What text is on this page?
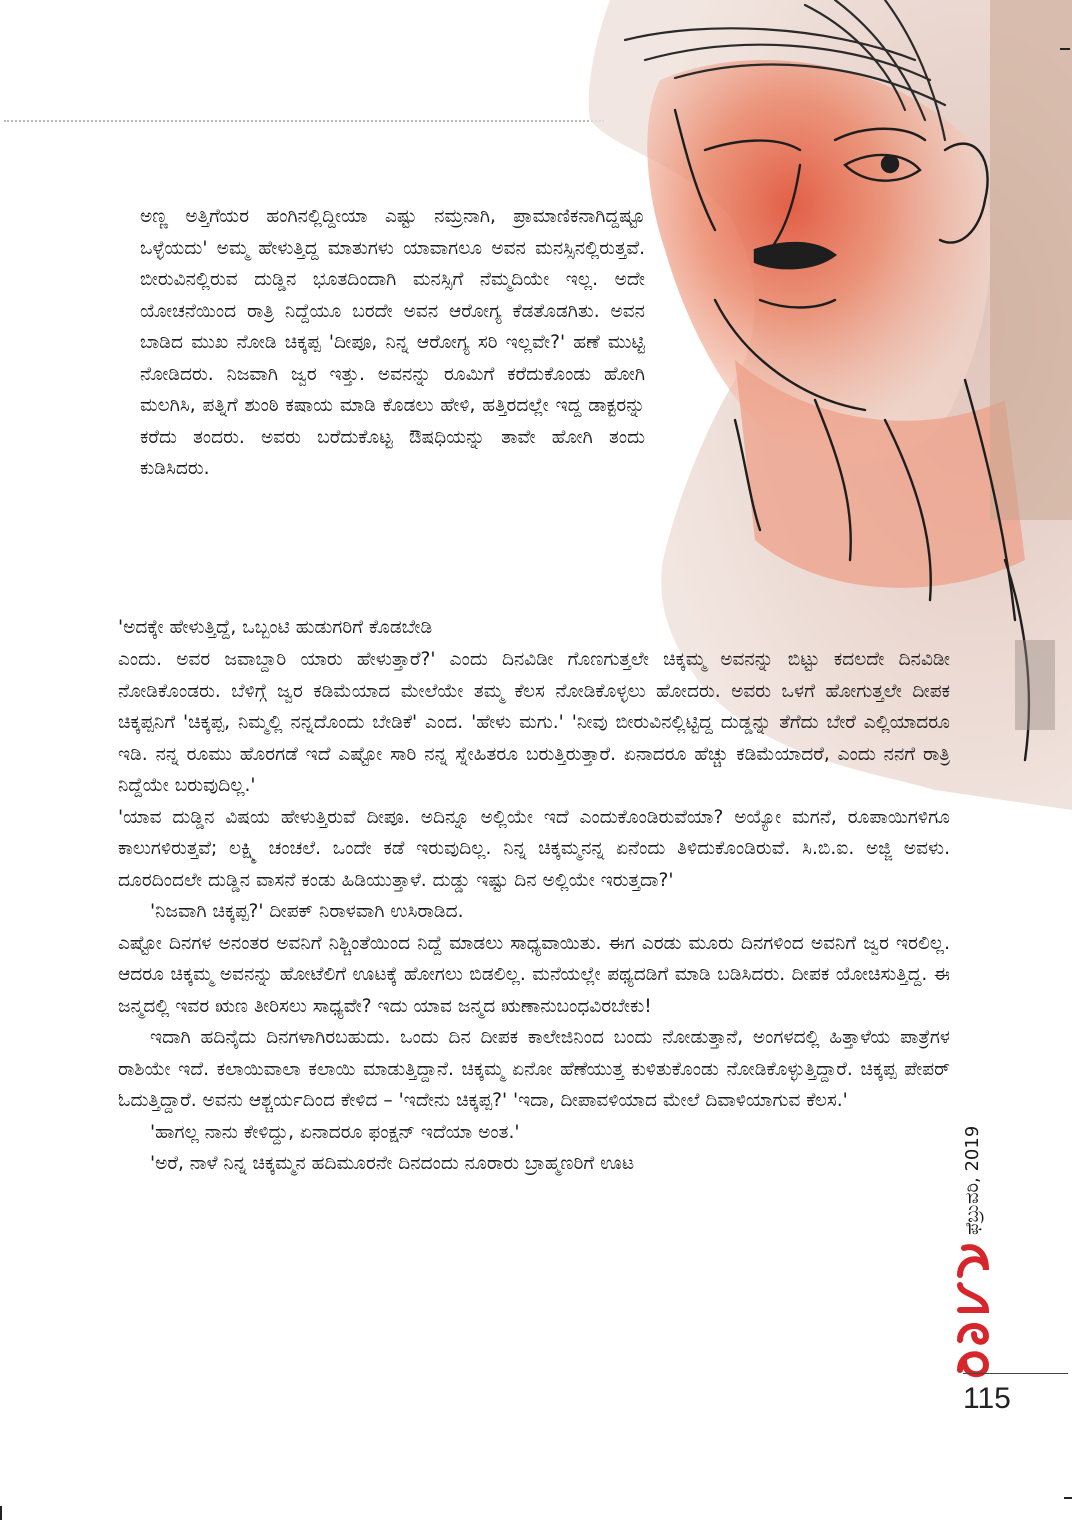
ಅಣ್ಣ ಅತ್ತಿಗೆಯರ ಹಂಗಿನಲ್ಲಿದ್ದೀಯಾ ಎಷ್ಟು ನಮ್ರನಾಗಿ, ಪ್ರಾಮಾಣಿಕನಾಗಿದ್ದಷ್ಟೂ ಒಳ್ಳೆಯದು' ಅಮ್ಮ ಹೇಳುತ್ತಿದ್ದ ಮಾತುಗಳು ಯಾವಾಗಲೂ ಅವನ ಮನಸ್ಸಿನಲ್ಲಿರುತ್ತವೆ. ಬೀರುವಿನಲ್ಲಿರುವ ದುಡ್ಡಿನ ಭೂತದಿಂದಾಗಿ ಮನಸ್ಸಿಗೆ ನೆಮ್ಮದಿಯೇ ಇಲ್ಲ. ಅದೇ ಯೋಚನೆಯಿಂದ ರಾತ್ರಿ ನಿದ್ದೆಯೂ ಬರದೇ ಅವನ ಆರೋಗ್ಯ ಕೆಡತೊಡಗಿತು. ಅವನ ಬಾಡಿದ ಮುಖ ನೋಡಿ ಚಿಕ್ಕಪ್ಪ 'ದೀಪೂ, ನಿನ್ನ ಆರೋಗ್ಯ ಸರಿ ಇಲ್ಲವೇ?' ಹಣೆ ಮುಟ್ಟಿ ನೋಡಿದರು. ನಿಜವಾಗಿ ಜ್ವರ ಇತ್ತು. ಅವನನ್ನು ರೂಮಿಗೆ ಕರೆದುಕೊಂಡು ಹೋಗಿ ಮಲಗಿಸಿ, ಪತ್ನಿಗೆ ಶುಂಠಿ ಕಷಾಯ ಮಾಡಿ ಕೊಡಲು ಹೇಳಿ, ಹತ್ತಿರದಲ್ಲೇ ಇದ್ದ ಡಾಕ್ಟರನ್ನು ಕರೆದು ತಂದರು. ಅವರು ಬರೆದುಕೊಟ್ಟ ಔಷಧಿಯನ್ನು ತಾವೇ ಹೋಗಿ ತಂದು ಕುಡಿಸಿದರು.
'ಅದಕ್ಕೇ ಹೇಳುತ್ತಿದ್ದೆ, ಒಬ್ಬಂಟಿ ಹುಡುಗರಿಗೆ ಕೊಡಬೇಡಿ
ಎಂದು. ಅವರ ಜವಾಬ್ದಾರಿ ಯಾರು ಹೇಳುತ್ತಾರೆ?' ಎಂದು ದಿನವಿಡೀ ಗೊಣಗುತ್ತಲೇ ಚಿಕ್ಕಮ್ಮ ಅವನನ್ನು ಬಿಟ್ಟು ಕದಲದೇ ದಿನವಿಡೀ ನೋಡಿಕೊಂಡರು. ಬೆಳಿಗ್ಗೆ ಜ್ವರ ಕಡಿಮೆಯಾದ ಮೇಲೆಯೇ ತಮ್ಮ ಕೆಲಸ ನೋಡಿಕೊಳ್ಳಲು ಹೋದರು. ಅವರು ಒಳಗೆ ಹೋಗುತ್ತಲೇ ದೀಪಕ ಚಿಕ್ಕಪ್ಪನಿಗೆ 'ಚಿಕ್ಕಪ್ಪ, ನಿಮ್ಮಲ್ಲಿ ನನ್ನದೊಂದು ಬೇಡಿಕೆ' ಎಂದ. 'ಹೇಳು ಮಗು.' 'ನೀವು ಬೀರುವಿನಲ್ಲಿಟ್ಟಿದ್ದ ದುಡ್ಡನ್ನು ತೆಗೆದು ಬೇರೆ ಎಲ್ಲಿಯಾದರೂ ಇಡಿ. ನನ್ನ ರೂಮು ಹೊರಗಡೆ ಇದೆ ಎಷ್ಟೋ ಸಾರಿ ನನ್ನ ಸ್ನೇಹಿತರೂ ಬರುತ್ತಿರುತ್ತಾರೆ. ಏನಾದರೂ ಹೆಚ್ಚು ಕಡಿಮೆಯಾದರೆ, ಎಂದು ನನಗೆ ರಾತ್ರಿ ನಿದ್ದೆಯೇ ಬರುವುದಿಲ್ಲ.'
'ಯಾವ ದುಡ್ಡಿನ ವಿಷಯ ಹೇಳುತ್ತಿರುವೆ ದೀಪೂ. ಅದಿನ್ನೂ ಅಲ್ಲಿಯೇ ಇದೆ ಎಂದುಕೊಂಡಿರುವೆಯಾ? ಅಯ್ಯೋ ಮಗನೆ, ರೂಪಾಯಿಗಳಿಗೂ ಕಾಲುಗಳಿರುತ್ತವೆ; ಲಕ್ಷ್ಮಿ ಚಂಚಲೆ. ಒಂದೇ ಕಡೆ ಇರುವುದಿಲ್ಲ. ನಿನ್ನ ಚಿಕ್ಕಮ್ಮನನ್ನ ಏನೆಂದು ತಿಳಿದುಕೊಂಡಿರುವೆ. ಸಿ.ಬಿ.ಐ. ಅಜ್ಜಿ ಅವಳು. ದೂರದಿಂದಲೇ ದುಡ್ಡಿನ ವಾಸನೆ ಕಂಡು ಹಿಡಿಯುತ್ತಾಳೆ. ದುಡ್ಡು ಇಷ್ಟು ದಿನ ಅಲ್ಲಿಯೇ ಇರುತ್ತದಾ?'
'ನಿಜವಾಗಿ ಚಿಕ್ಕಪ್ಪ?' ದೀಪಕ್ ನಿರಾಳವಾಗಿ ಉಸಿರಾಡಿದ.
ಎಷ್ಟೋ ದಿನಗಳ ಅನಂತರ ಅವನಿಗೆ ನಿಶ್ಚಿಂತೆಯಿಂದ ನಿದ್ದೆ ಮಾಡಲು ಸಾಧ್ಯವಾಯಿತು. ಈಗ ಎರಡು ಮೂರು ದಿನಗಳಿಂದ ಅವನಿಗೆ ಜ್ವರ ಇರಲಿಲ್ಲ. ಆದರೂ ಚಿಕ್ಕಮ್ಮ ಅವನನ್ನು ಹೋಟೆಲಿಗೆ ಊಟಕ್ಕೆ ಹೋಗಲು ಬಿಡಲಿಲ್ಲ. ಮನೆಯಲ್ಲೇ ಪಥ್ಯದಡಿಗೆ ಮಾಡಿ ಬಡಿಸಿದರು. ದೀಪಕ ಯೋಚಿಸುತ್ತಿದ್ದ. ಈ ಜನ್ಮದಲ್ಲಿ ಇವರ ಋಣ ತೀರಿಸಲು ಸಾಧ್ಯವೇ? ಇದು ಯಾವ ಜನ್ಮದ ಋಣಾನುಬಂಧವಿರಬೇಕು!
ಇದಾಗಿ ಹದಿನೈದು ದಿನಗಳಾಗಿರಬಹುದು. ಒಂದು ದಿನ ದೀಪಕ ಕಾಲೇಜಿನಿಂದ ಬಂದು ನೋಡುತ್ತಾನೆ, ಅಂಗಳದಲ್ಲಿ ಹಿತ್ತಾಳೆಯ ಪಾತ್ರೆಗಳ ರಾಶಿಯೇ ಇದೆ. ಕಲಾಯಿವಾಲಾ ಕಲಾಯಿ ಮಾಡುತ್ತಿದ್ದಾನೆ. ಚಿಕ್ಕಮ್ಮ ಏನೋ ಹೆಣೆಯುತ್ತ ಕುಳಿತುಕೊಂಡು ನೋಡಿಕೊಳ್ಳುತ್ತಿದ್ದಾರೆ. ಚಿಕ್ಕಪ್ಪ ಪೇಪರ್ ಓದುತ್ತಿದ್ದಾರೆ. ಅವನು ಆಶ್ಚರ್ಯದಿಂದ ಕೇಳಿದ – 'ಇದೇನು ಚಿಕ್ಕಪ್ಪ?' 'ಇದಾ, ದೀಪಾವಳಿಯಾದ ಮೇಲೆ ದಿವಾಳಿಯಾಗುವ ಕೆಲಸ.'
'ಹಾಗಲ್ಲ ನಾನು ಕೇಳಿದ್ದು, ಏನಾದರೂ ಫಂಕ್ಷನ್ ಇದೆಯಾ ಅಂತ.'
'ಅರೆ, ನಾಳೆ ನಿನ್ನ ಚಿಕ್ಕಮ್ಮನ ಹದಿಮೂರನೇ ದಿನದಂದು ನೂರಾರು ಬ್ರಾಹ್ಮಣರಿಗೆ ಊಟ	ಫೆಬ್ರುವರಿ, 2019
115
